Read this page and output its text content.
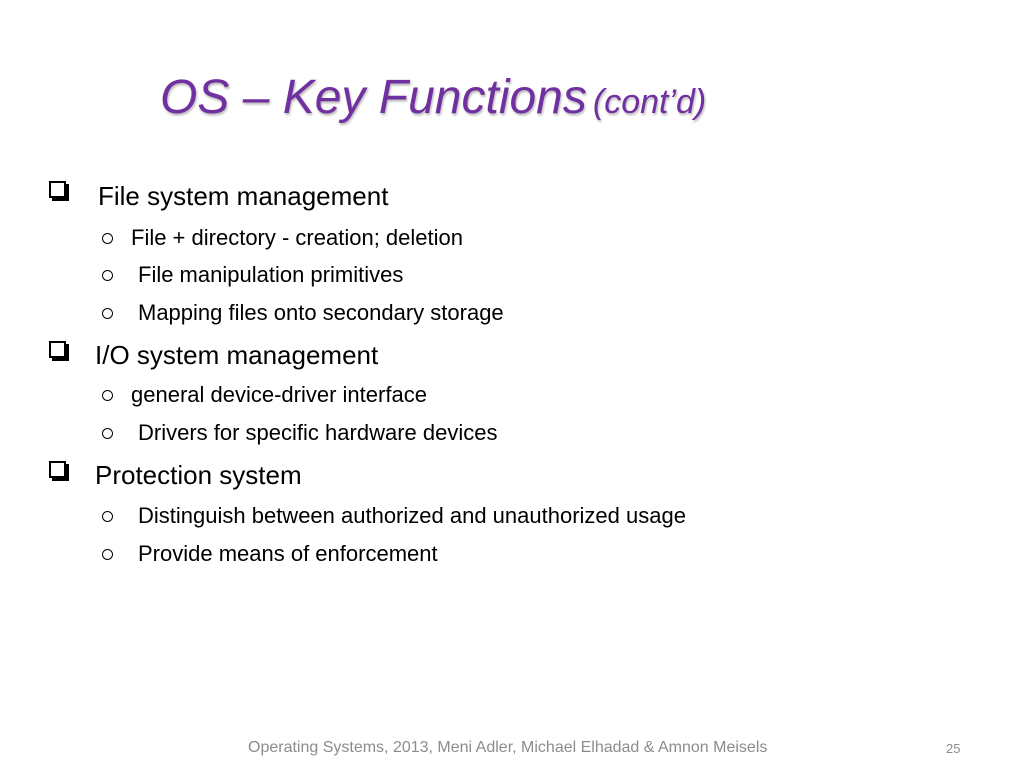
OS – Key Functions (cont’d)
File system management
File + directory - creation; deletion
File manipulation primitives
Mapping files onto secondary storage
I/O system management
general device-driver interface
Drivers for specific hardware devices
Protection system
Distinguish between authorized and unauthorized usage
Provide means of enforcement
Operating Systems, 2013, Meni Adler, Michael Elhadad & Amnon Meisels	25
